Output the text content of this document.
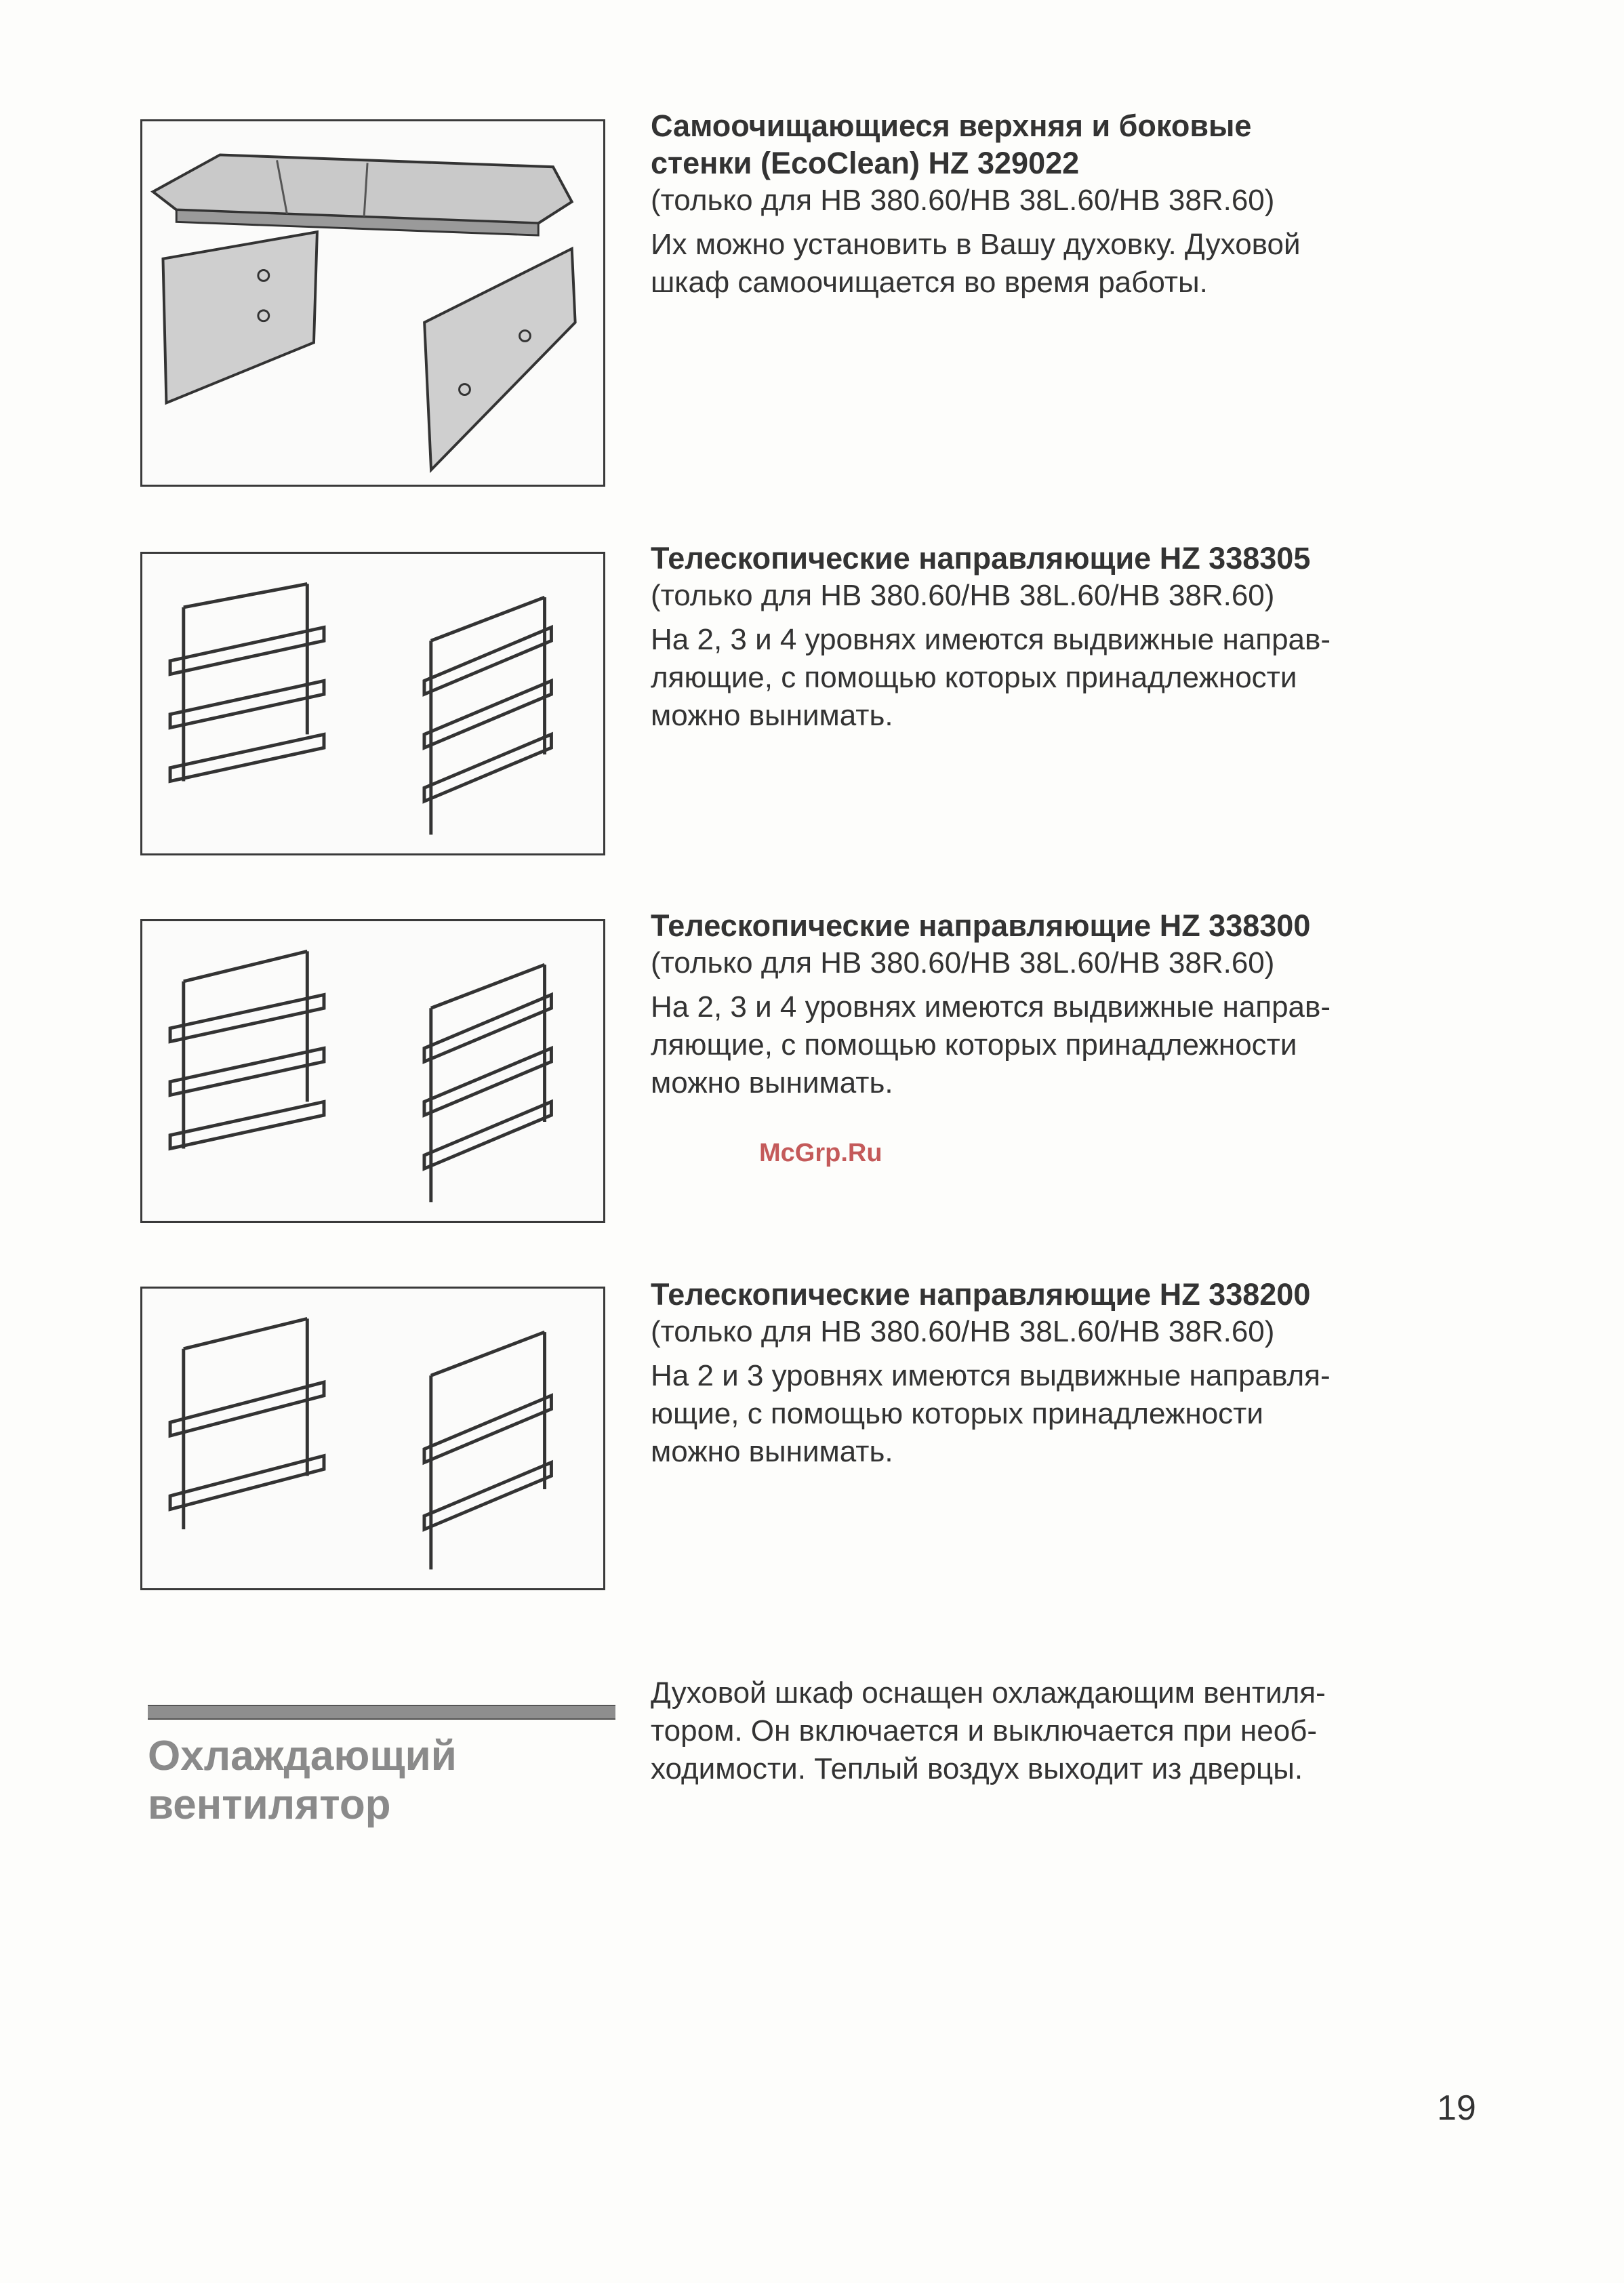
Самоочищающиеся верхняя и боковые

стенки (EcoClean) HZ 329022

(только для HB 380.60/HB 38L.60/HB 38R.60)

Их можно установить в Вашу духовку. Духовой

шкаф самоочищается во время работы.

Телескопические направляющие HZ 338305

(только для HB 380.60/HB 38L.60/HB 38R.60)

На 2, 3 и 4 уровнях имеются выдвижные направ-

ляющие, с помощью которых принадлежности

можно вынимать.

Телескопические направляющие HZ 338300

(только для HB 380.60/HB 38L.60/HB 38R.60)

На 2, 3 и 4 уровнях имеются выдвижные направ-

ляющие, с помощью которых принадлежности

можно вынимать.

McGrp.Ru

Телескопические направляющие HZ 338200

(только для HB 380.60/HB 38L.60/HB 38R.60)

На 2 и 3 уровнях имеются выдвижные направля-

ющие, с помощью которых принадлежности

можно вынимать.

Охлаждающий
вентилятор

Духовой шкаф оснащен охлаждающим вентиля-

тором. Он включается и выключается при необ-

ходимости. Теплый воздух выходит из дверцы.

19
